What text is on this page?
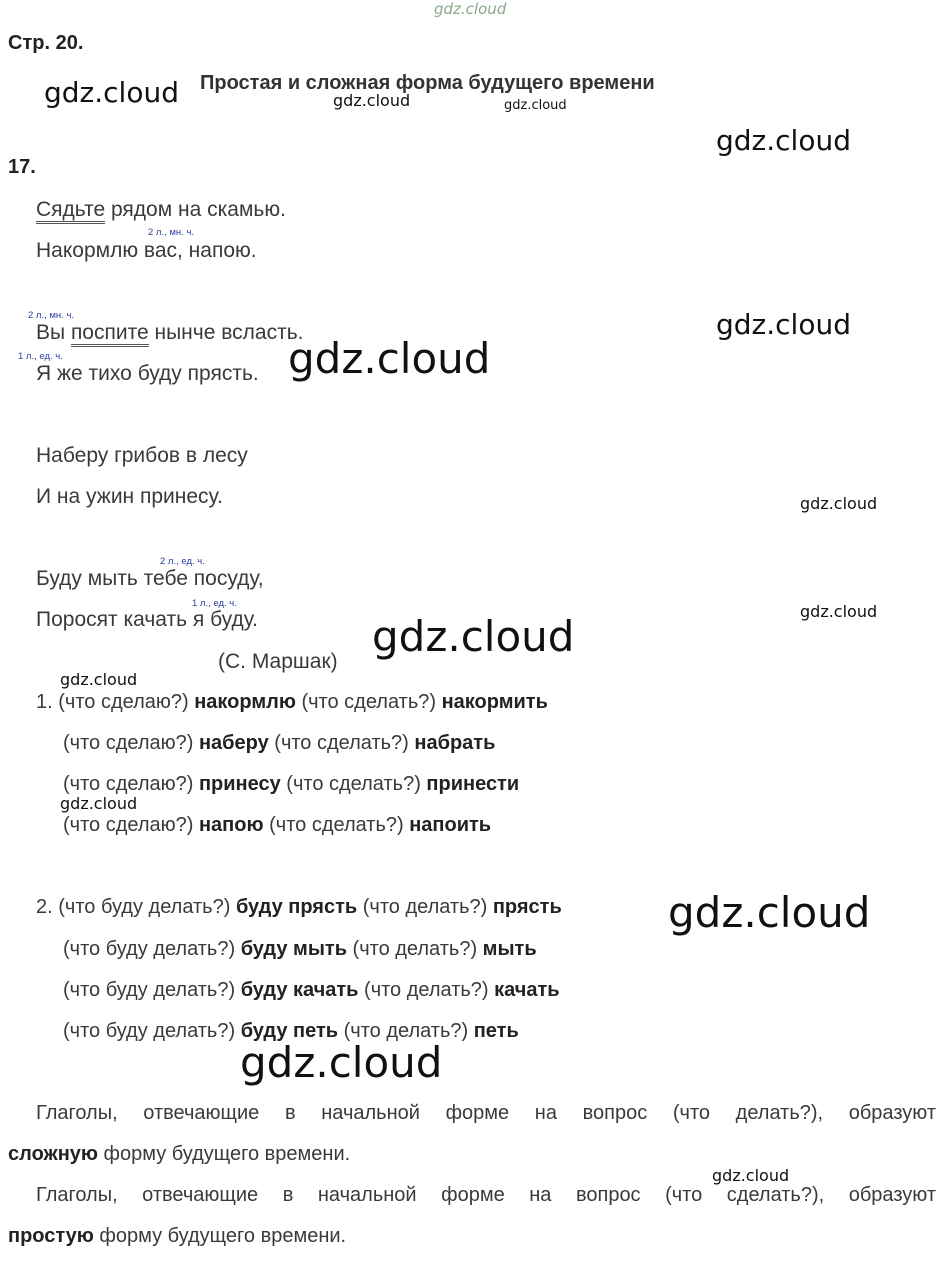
gdz.cloud
gdz.cloud	gdz.cloud	gdz.cloud
gdz.cloud
gdz.cloud
gdz.cloud
gdz.cloud
gdz.cloud
gdz.cloud
gdz.cloud
gdz.cloud
gdz.cloud
gdz.cloud
gdz.cloud
Стр. 20.
Простая и сложная форма будущего времени
17.
Сядьте рядом на скамью.
2 л., мн. ч.
Накормлю вас, напою.
2 л., мн. ч.
Вы поспите нынче всласть.
1 л., ед. ч.
Я же тихо буду прясть.
Наберу грибов в лесу
И на ужин принесу.
2 л., ед. ч.
Буду мыть тебе посуду,
1 л., ед. ч.
Поросят качать я буду.
(С. Маршак)
1. (что сделаю?) накормлю (что сделать?) накормить
(что сделаю?) наберу (что сделать?) набрать
(что сделаю?) принесу (что сделать?) принести
(что сделаю?) напою (что сделать?) напоить
2. (что буду делать?) буду прясть (что делать?) прясть
(что буду делать?) буду мыть (что делать?) мыть
(что буду делать?) буду качать (что делать?) качать
(что буду делать?) буду петь (что делать?) петь
Глаголы, отвечающие в начальной форме на вопрос (что делать?), образуют
сложную форму будущего времени.
Глаголы, отвечающие в начальной форме на вопрос (что сделать?), образуют
простую форму будущего времени.
